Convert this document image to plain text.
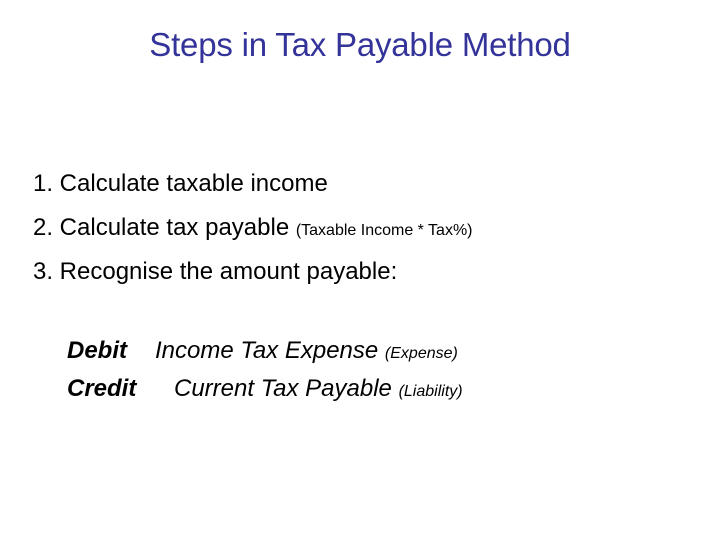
Steps in Tax Payable Method
1. Calculate taxable income
2. Calculate tax payable (Taxable Income * Tax%)
3. Recognise the amount payable:
Debit Income Tax Expense (Expense)
Credit Current Tax Payable (Liability)
